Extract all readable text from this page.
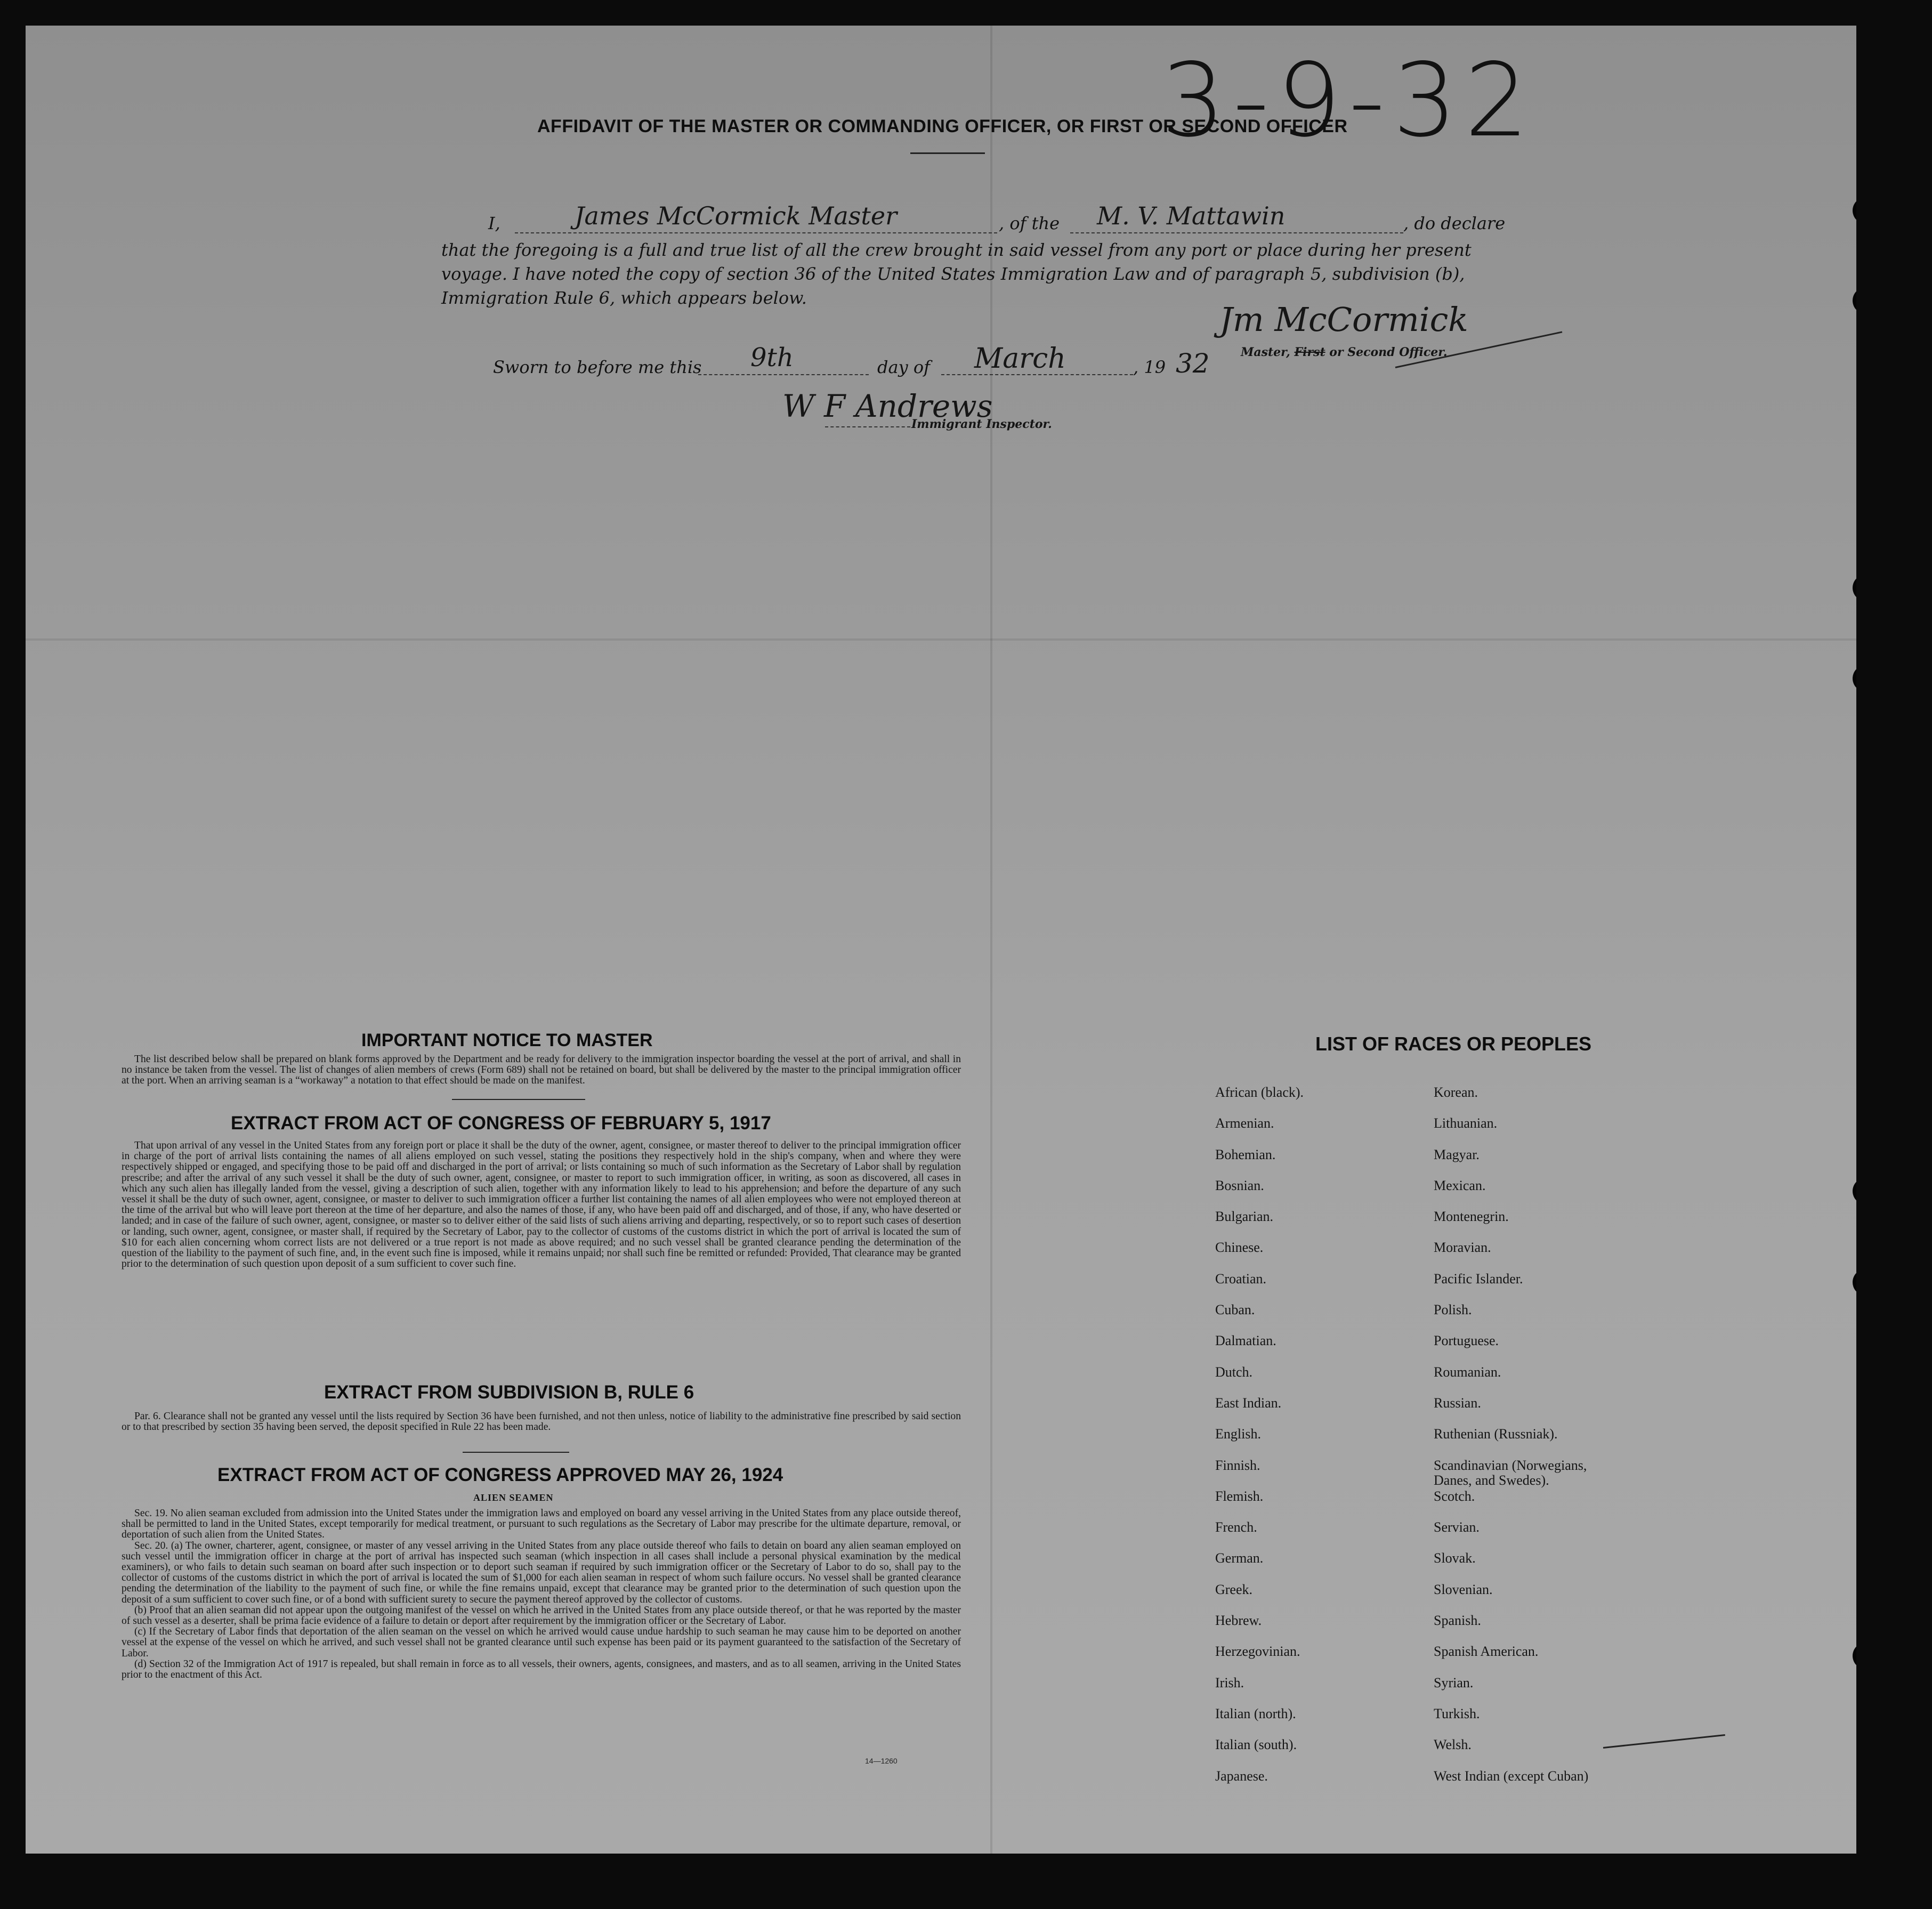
3-9-32
AFFIDAVIT OF THE MASTER OR COMMANDING OFFICER, OR FIRST OR SECOND OFFICER
I,	James McCormick Master	, of the M. V. Mattawin	, do declare
that the foregoing is a full and true list of all the crew brought in said vessel from any port or place during her present
voyage. I have noted the copy of section 36 of the United States Immigration Law and of paragraph 5, subdivision (b),
Immigration Rule 6, which appears below.
Jm McCormick
Master, First or Second Officer.
Sworn to before me this 9th	day of March	, 19 32
W F Andrews
Immigrant Inspector.
IMPORTANT NOTICE TO MASTER

The list described below shall be prepared on blank forms approved by the Department and be ready for delivery to the immigration inspector boarding the vessel at the port of arrival, and shall in no instance be taken from the vessel. The list of changes of alien members of crews (Form 689) shall not be retained on board, but shall be delivered by the master to the principal immigration officer at the port. When an arriving seaman is a “workaway” a notation to that effect should be made on the manifest.

EXTRACT FROM ACT OF CONGRESS OF FEBRUARY 5, 1917

That upon arrival of any vessel in the United States from any foreign port or place it shall be the duty of the owner, agent, consignee, or master thereof to deliver to the principal immigration officer in charge of the port of arrival lists containing the names of all aliens employed on such vessel, stating the positions they respectively hold in the ship's company, when and where they were respectively shipped or engaged, and specifying those to be paid off and discharged in the port of arrival; or lists containing so much of such information as the Secretary of Labor shall by regulation prescribe; and after the arrival of any such vessel it shall be the duty of such owner, agent, consignee, or master to report to such immigration officer, in writing, as soon as discovered, all cases in which any such alien has illegally landed from the vessel, giving a description of such alien, together with any information likely to lead to his apprehension; and before the departure of any such vessel it shall be the duty of such owner, agent, consignee, or master to deliver to such immigration officer a further list containing the names of all alien employees who were not employed thereon at the time of the arrival but who will leave port thereon at the time of her departure, and also the names of those, if any, who have been paid off and discharged, and of those, if any, who have deserted or landed; and in case of the failure of such owner, agent, consignee, or master so to deliver either of the said lists of such aliens arriving and departing, respectively, or so to report such cases of desertion or landing, such owner, agent, consignee, or master shall, if required by the Secretary of Labor, pay to the collector of customs of the customs district in which the port of arrival is located the sum of $10 for each alien concerning whom correct lists are not delivered or a true report is not made as above required; and no such vessel shall be granted clearance pending the determination of the question of the liability to the payment of such fine, and, in the event such fine is imposed, while it remains unpaid; nor shall such fine be remitted or refunded: Provided, That clearance may be granted prior to the determination of such question upon deposit of a sum sufficient to cover such fine.

EXTRACT FROM SUBDIVISION B, RULE 6

Par. 6. Clearance shall not be granted any vessel until the lists required by Section 36 have been furnished, and not then unless, notice of liability to the administrative fine prescribed by said section or to that prescribed by section 35 having been served, the deposit specified in Rule 22 has been made.

EXTRACT FROM ACT OF CONGRESS APPROVED MAY 26, 1924
ALIEN SEAMEN

Sec. 19. No alien seaman excluded from admission into the United States under the immigration laws and employed on board any vessel arriving in the United States from any place outside thereof, shall be permitted to land in the United States, except temporarily for medical treatment, or pursuant to such regulations as the Secretary of Labor may prescribe for the ultimate departure, removal, or deportation of such alien from the United States.

Sec. 20. (a) The owner, charterer, agent, consignee, or master of any vessel arriving in the United States from any place outside thereof who fails to detain on board any alien seaman employed on such vessel until the immigration officer in charge at the port of arrival has inspected such seaman (which inspection in all cases shall include a personal physical examination by the medical examiners), or who fails to detain such seaman on board after such inspection or to deport such seaman if required by such immigration officer or the Secretary of Labor to do so, shall pay to the collector of customs of the customs district in which the port of arrival is located the sum of $1,000 for each alien seaman in respect of whom such failure occurs. No vessel shall be granted clearance pending the determination of the liability to the payment of such fine, or while the fine remains unpaid, except that clearance may be granted prior to the determination of such question upon the deposit of a sum sufficient to cover such fine, or of a bond with sufficient surety to secure the payment thereof approved by the collector of customs.

(b) Proof that an alien seaman did not appear upon the outgoing manifest of the vessel on which he arrived in the United States from any place outside thereof, or that he was reported by the master of such vessel as a deserter, shall be prima facie evidence of a failure to detain or deport after requirement by the immigration officer or the Secretary of Labor.

(c) If the Secretary of Labor finds that deportation of the alien seaman on the vessel on which he arrived would cause undue hardship to such seaman he may cause him to be deported on another vessel at the expense of the vessel on which he arrived, and such vessel shall not be granted clearance until such expense has been paid or its payment guaranteed to the satisfaction of the Secretary of Labor.

(d) Section 32 of the Immigration Act of 1917 is repealed, but shall remain in force as to all vessels, their owners, agents, consignees, and masters, and as to all seamen, arriving in the United States prior to the enactment of this Act.

14—1260
LIST OF RACES OR PEOPLES
African (black).
Armenian.
Bohemian.
Bosnian.
Bulgarian.
Chinese.
Croatian.
Cuban.
Dalmatian.
Dutch.
East Indian.
English.
Finnish.
Flemish.
French.
German.
Greek.
Hebrew.
Herzegovinian.
Irish.
Italian (north).
Italian (south).
Japanese.
Korean.
Lithuanian.
Magyar.
Mexican.
Montenegrin.
Moravian.
Pacific Islander.
Polish.
Portuguese.
Roumanian.
Russian.
Ruthenian (Russniak).
Scandinavian (Norwegians, Danes, and Swedes).
Scotch.
Servian.
Slovak.
Slovenian.
Spanish.
Spanish American.
Syrian.
Turkish.
Welsh.
West Indian (except Cuban)
